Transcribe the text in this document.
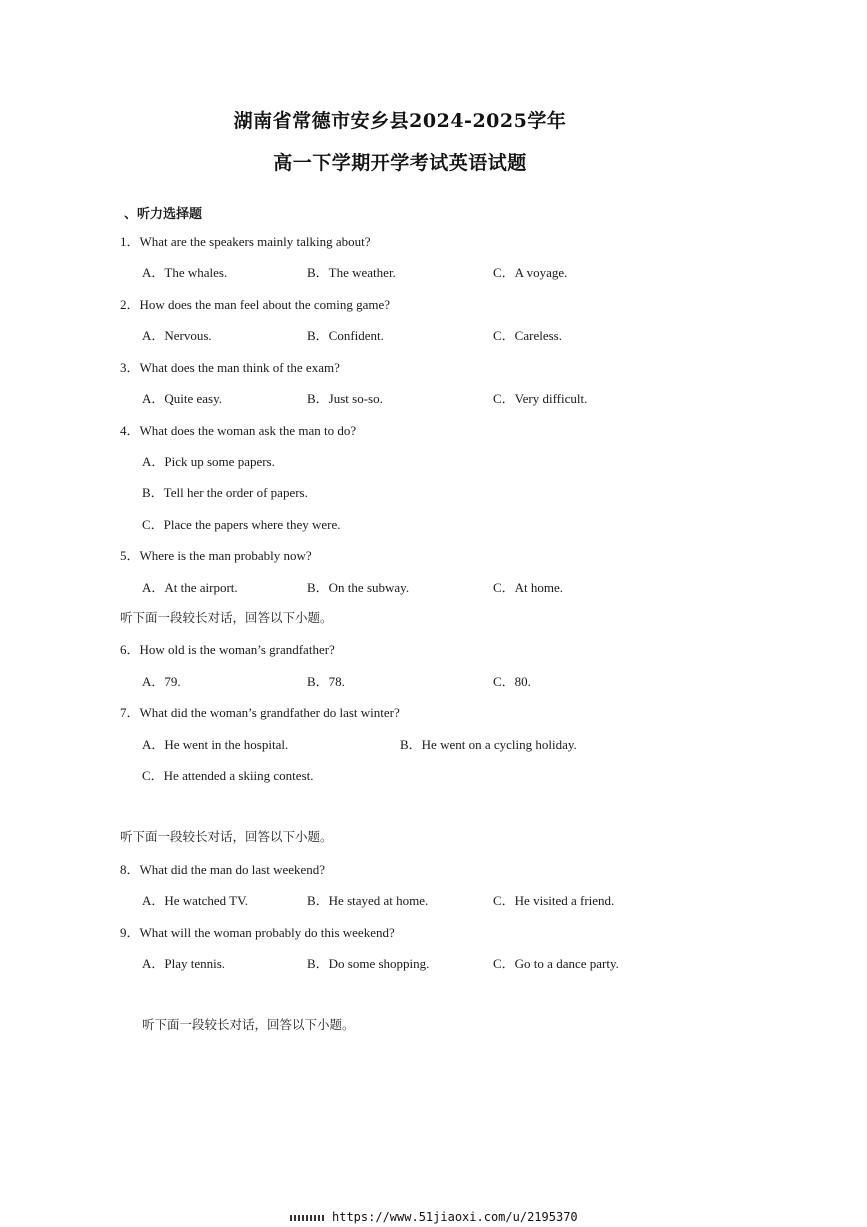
湖南省常德市安乡县2024-2025学年
高一下学期开学考试英语试题
、听力选择题
1．What are the speakers mainly talking about?
A．The whales.	B．The weather.	C．A voyage.
2．How does the man feel about the coming game?
A．Nervous.	B．Confident.	C．Careless.
3．What does the man think of the exam?
A．Quite easy.	B．Just so-so.	C．Very difficult.
4．What does the woman ask the man to do?
A．Pick up some papers.
B．Tell her the order of papers.
C．Place the papers where they were.
5．Where is the man probably now?
A．At the airport.	B．On the subway.	C．At home.
听下面一段较长对话，回答以下小题。
6．How old is the woman’s grandfather?
A．79.	B．78.	C．80.
7．What did the woman’s grandfather do last winter?
A．He went in the hospital.	B．He went on a cycling holiday.
C．He attended a skiing contest.
听下面一段较长对话，回答以下小题。
8．What did the man do last weekend?
A．He watched TV.	B．He stayed at home.	C．He visited a friend.
9．What will the woman probably do this weekend?
A．Play tennis.	B．Do some shopping.	C．Go to a dance party.
听下面一段较长对话，回答以下小题。
https://www.51jiaoxi.com/u/2195370
